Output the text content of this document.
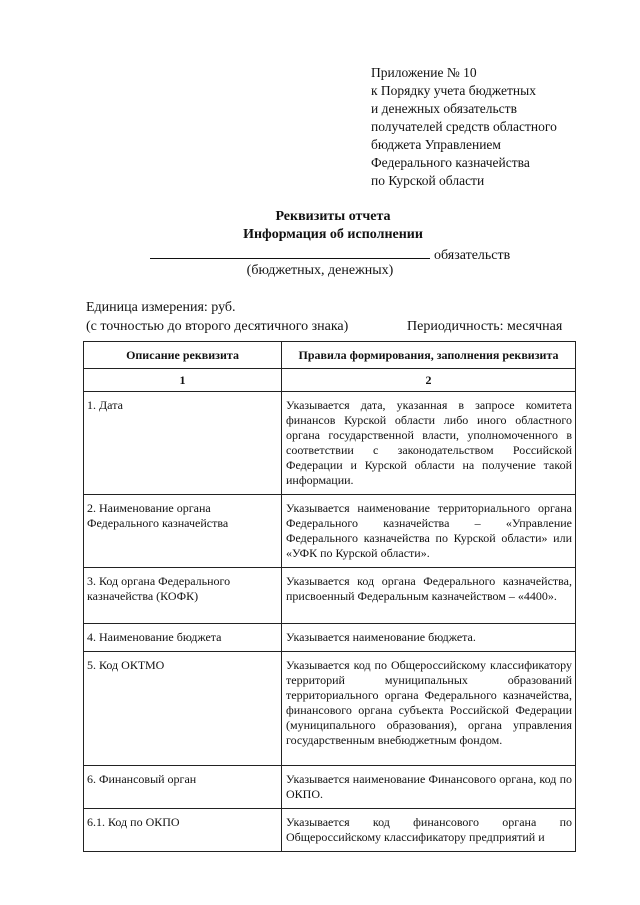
Приложение № 10
к Порядку учета бюджетных
и денежных обязательств
получателей средств областного
бюджета Управлением
Федерального казначейства
по Курской области
Реквизиты отчета
Информация об исполнении
обязательств
(бюджетных, денежных)
Единица измерения: руб.
(с точностью до второго десятичного знака)	Периодичность: месячная
Описание реквизита	Правила формирования, заполнения реквизита
1	2
1. Дата	Указывается дата, указанная в запросе комитета финансов Курской области либо иного областного органа государственной власти, уполномоченного в соответствии с законодательством Российской Федерации и Курской области на получение такой информации.
2. Наименование органа Федерального казначейства	Указывается наименование территориального органа Федерального казначейства – «Управление Федерального казначейства по Курской области» или «УФК по Курской области».
3. Код органа Федерального казначейства (КОФК)	Указывается код органа Федерального казначейства, присвоенный Федеральным казначейством – «4400».
4. Наименование бюджета	Указывается наименование бюджета.
5. Код ОКТМО	Указывается код по Общероссийскому классификатору территорий муниципальных образований территориального органа Федерального казначейства, финансового органа субъекта Российской Федерации (муниципального образования), органа управления государственным внебюджетным фондом.
6. Финансовый орган	Указывается наименование Финансового органа, код по ОКПО.
6.1. Код по ОКПО	Указывается код финансового органа по Общероссийскому классификатору предприятий и
